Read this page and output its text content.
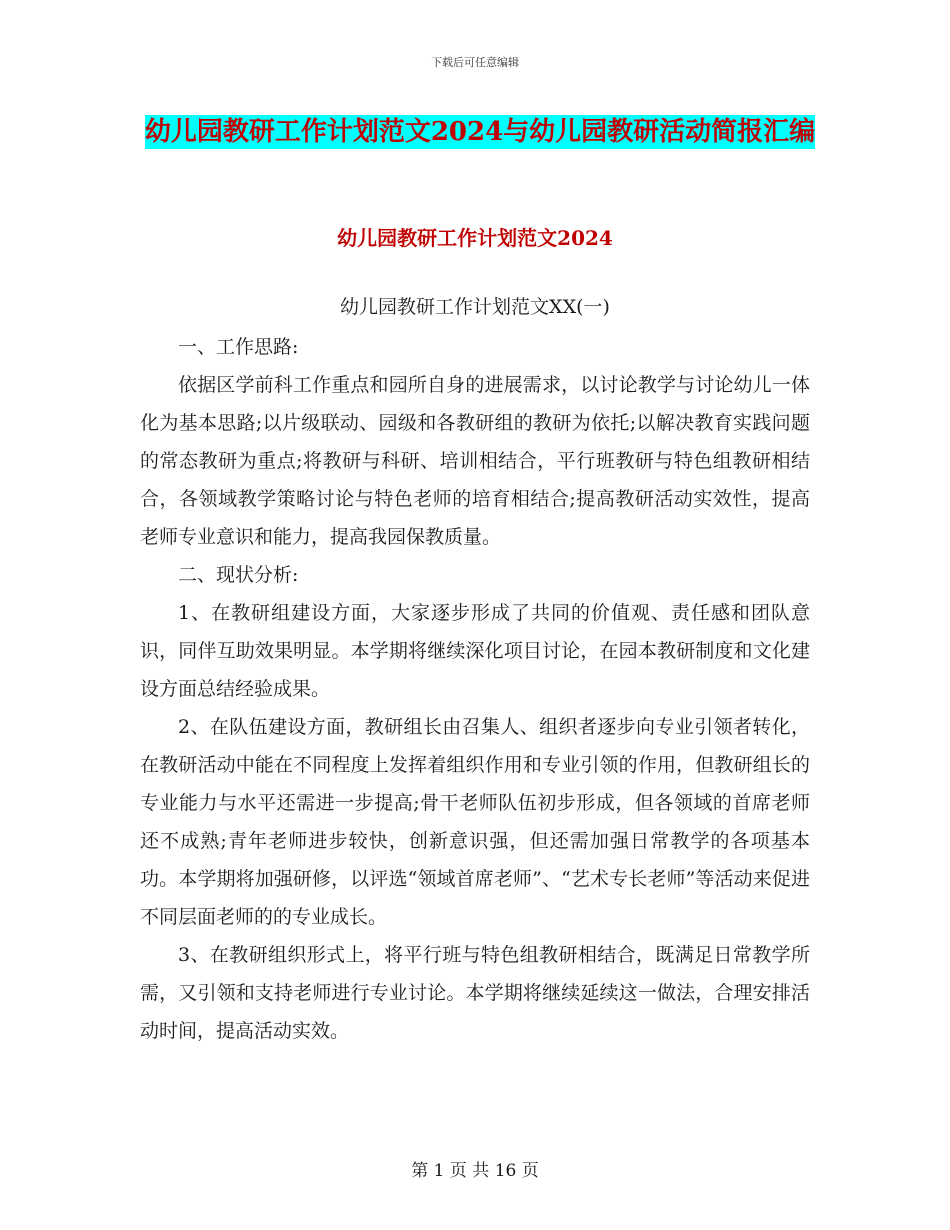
下载后可任意编辑
幼儿园教研工作计划范文2024与幼儿园教研活动简报汇编
幼儿园教研工作计划范文2024

幼儿园教研工作计划范文XX(一)

一、工作思路:

依据区学前科工作重点和园所自身的进展需求，以讨论教学与讨论幼儿一体化为基本思路;以片级联动、园级和各教研组的教研为依托;以解决教育实践问题的常态教研为重点;将教研与科研、培训相结合，平行班教研与特色组教研相结合，各领域教学策略讨论与特色老师的培育相结合;提高教研活动实效性，提高老师专业意识和能力，提高我园保教质量。

二、现状分析:

1、在教研组建设方面，大家逐步形成了共同的价值观、责任感和团队意识，同伴互助效果明显。本学期将继续深化项目讨论，在园本教研制度和文化建设方面总结经验成果。

2、在队伍建设方面，教研组长由召集人、组织者逐步向专业引领者转化，在教研活动中能在不同程度上发挥着组织作用和专业引领的作用，但教研组长的专业能力与水平还需进一步提高;骨干老师队伍初步形成，但各领域的首席老师还不成熟;青年老师进步较快，创新意识强，但还需加强日常教学的各项基本功。本学期将加强研修，以评选“领域首席老师”、“艺术专长老师”等活动来促进不同层面老师的的专业成长。

3、在教研组织形式上，将平行班与特色组教研相结合，既满足日常教学所需，又引领和支持老师进行专业讨论。本学期将继续延续这一做法，合理安排活动时间，提高活动实效。

第 1 页 共 16 页
